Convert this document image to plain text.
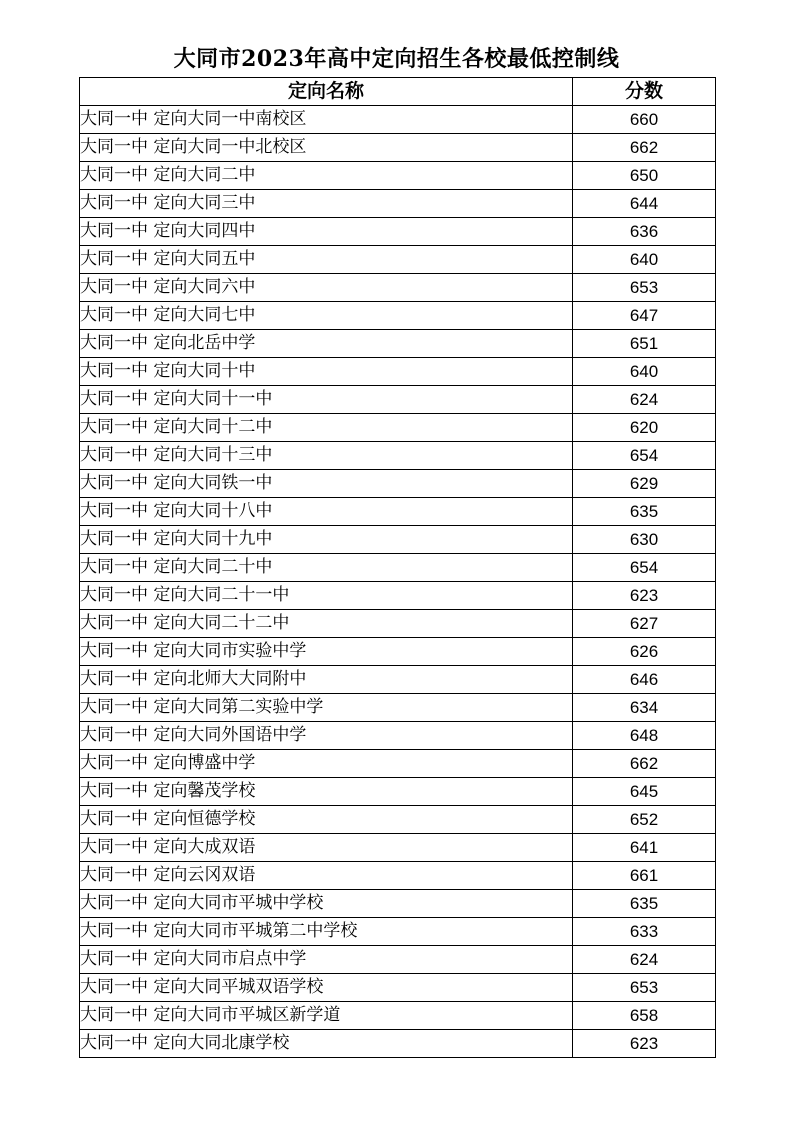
大同市2023年高中定向招生各校最低控制线
定向名称	分数
大同一中 定向大同一中南校区	660
大同一中 定向大同一中北校区	662
大同一中 定向大同二中	650
大同一中 定向大同三中	644
大同一中 定向大同四中	636
大同一中 定向大同五中	640
大同一中 定向大同六中	653
大同一中 定向大同七中	647
大同一中 定向北岳中学	651
大同一中 定向大同十中	640
大同一中 定向大同十一中	624
大同一中 定向大同十二中	620
大同一中 定向大同十三中	654
大同一中 定向大同铁一中	629
大同一中 定向大同十八中	635
大同一中 定向大同十九中	630
大同一中 定向大同二十中	654
大同一中 定向大同二十一中	623
大同一中 定向大同二十二中	627
大同一中 定向大同市实验中学	626
大同一中 定向北师大大同附中	646
大同一中 定向大同第二实验中学	634
大同一中 定向大同外国语中学	648
大同一中 定向博盛中学	662
大同一中 定向馨茂学校	645
大同一中 定向恒德学校	652
大同一中 定向大成双语	641
大同一中 定向云冈双语	661
大同一中 定向大同市平城中学校	635
大同一中 定向大同市平城第二中学校	633
大同一中 定向大同市启点中学	624
大同一中 定向大同平城双语学校	653
大同一中 定向大同市平城区新学道	658
大同一中 定向大同北康学校	623
